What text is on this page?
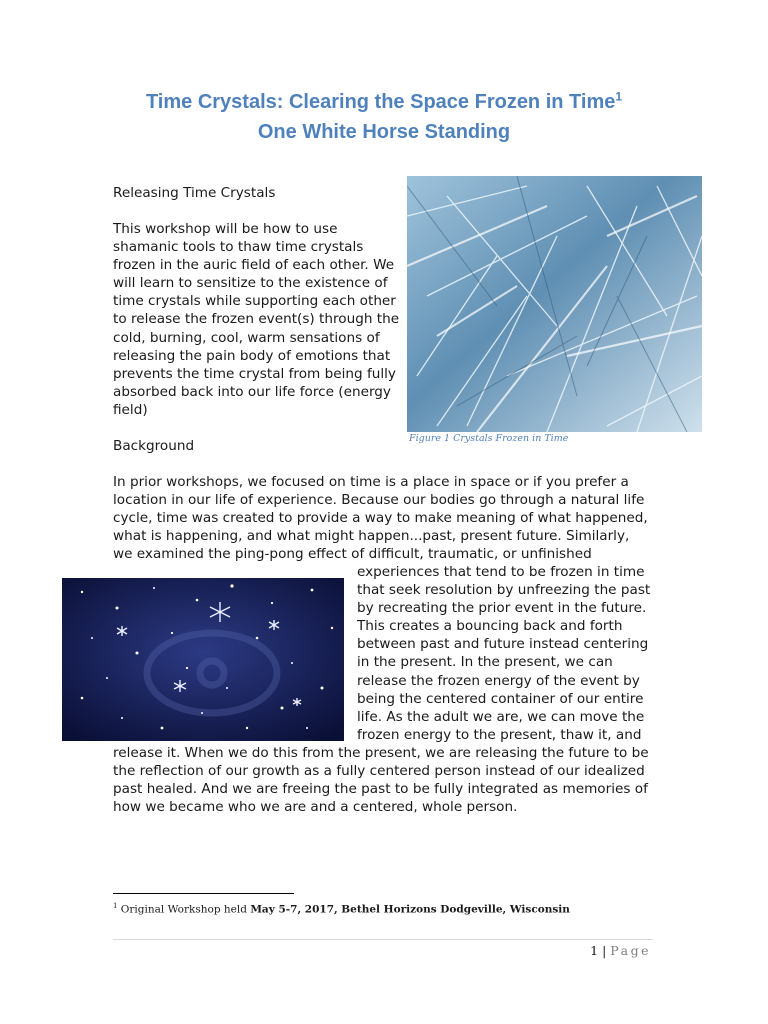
Time Crystals: Clearing the Space Frozen in Time$^1$
One White Horse Standing
Releasing Time Crystals
This workshop will be how to use
shamanic tools to thaw time crystals
frozen in the auric field of each other. We
will learn to sensitize to the existence of
time crystals while supporting each other
to release the frozen event(s) through the
cold, burning, cool, warm sensations of
releasing the pain body of emotions that
prevents the time crystal from being fully
absorbed back into our life force (energy
field)
Figure 1 Crystals Frozen in Time
Background
In prior workshops, we focused on time is a place in space or if you prefer a
location in our life of experience. Because our bodies go through a natural life
cycle, time was created to provide a way to make meaning of what happened,
what is happening, and what might happen...past, present future. Similarly,
we examined the ping-pong effect of difficult, traumatic, or unfinished
experiences that tend to be frozen in time
that seek resolution by unfreezing the past
by recreating the prior event in the future.
This creates a bouncing back and forth
between past and future instead centering
in the present. In the present, we can
release the frozen energy of the event by
being the centered container of our entire
life. As the adult we are, we can move the
frozen energy to the present, thaw it, and
release it. When we do this from the present, we are releasing the future to be
the reflection of our growth as a fully centered person instead of our idealized
past healed. And we are freeing the past to be fully integrated as memories of
how we became who we are and a centered, whole person.
$^1$ Original Workshop held May 5-7, 2017, Bethel Horizons Dodgeville, Wisconsin
1 | Page
